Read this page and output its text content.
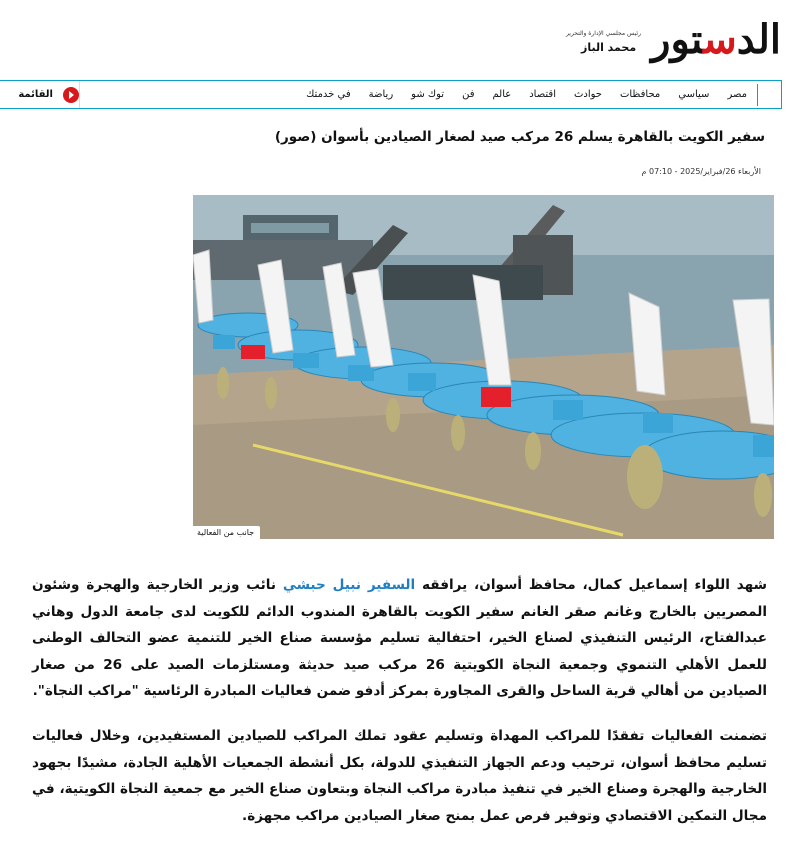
الدستور
رئيس مجلسي الإدارة والتحرير
محمد الباز
مصر
سياسي
محافظات
حوادث
اقتصاد
عالم
فن
توك شو
رياضة
في خدمتك
القائمة
سفير الكويت بالقاهرة يسلم 26 مركب صيد لصغار الصيادين بأسوان (صور)
الأربعاء 26/فبراير/2025 - 07:10 م
جانب من الفعالية

شهد اللواء إسماعيل كمال، محافظ أسوان، يرافقه السفير نبيل حبشي نائب وزير الخارجية والهجرة وشئون المصريين بالخارج وغانم صقر الغانم سفير الكويت بالقاهرة المندوب الدائم للكويت لدى جامعة الدول وهاني عبدالفتاح، الرئيس التنفيذي لصناع الخير، احتفالية تسليم مؤسسة صناع الخير للتنمية عضو التحالف الوطنى للعمل الأهلي التنموي وجمعية النجاة الكويتية 26 مركب صيد حديثة ومستلزمات الصيد على 26 من صغار الصيادين من أهالي قرية الساحل والقرى المجاورة بمركز أدفو ضمن فعاليات المبادرة الرئاسية "مراكب النجاة".

تضمنت الفعاليات تفقدًا للمراكب المهداة وتسليم عقود تملك المراكب للصيادين المستفيدين، وخلال فعاليات تسليم محافظ أسوان، ترحيب ودعم الجهاز التنفيذي للدولة، بكل أنشطة الجمعيات الأهلية الجادة، مشيدًا بجهود الخارجية والهجرة وصناع الخير في تنفيذ مبادرة مراكب النجاة وبتعاون صناع الخير مع جمعية النجاة الكويتية، في مجال التمكين الاقتصادي وتوفير فرص عمل بمنح صغار الصيادين مراكب مجهزة.
